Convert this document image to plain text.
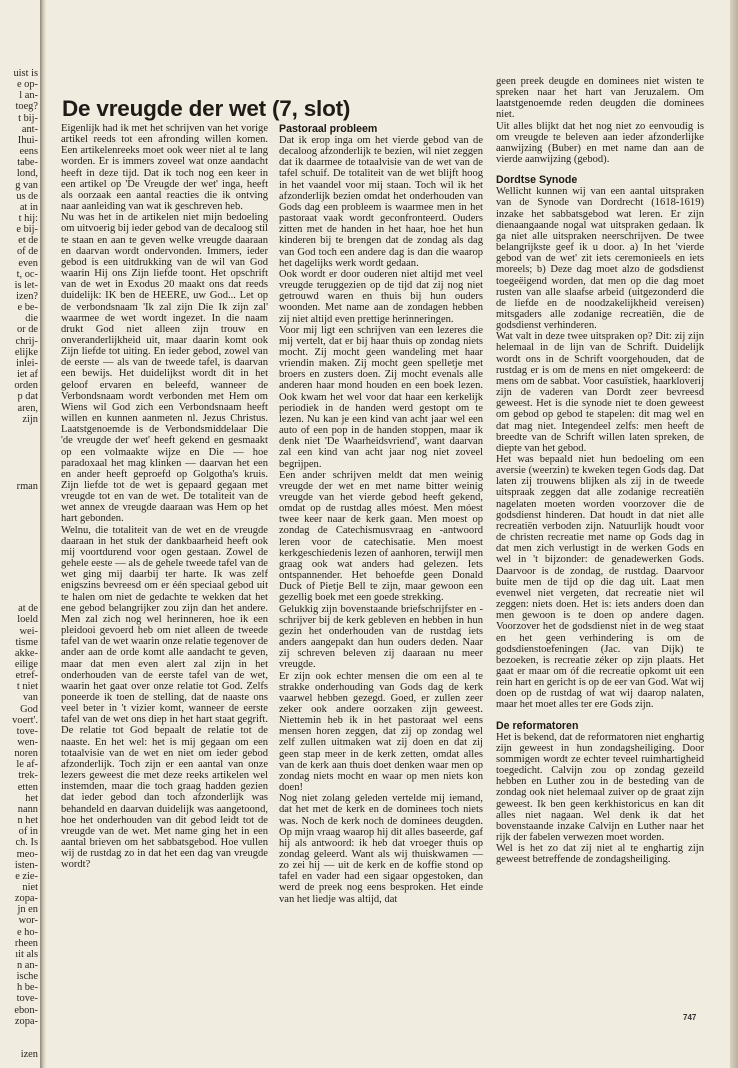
uist is
e op-
l an-
toeg?
t bij-
ant-
Ihui-
eens
tabe-
lond,
g van
us de
at in
t hij:
e bij-
et de
of de
even
t, oc-
is let-
izen?
e be-
die
or de
chrij-
elijke
inlei-
iet af
orden
p dat
aren,
zijn
rman
at de
loeld
wei-
tisme
akke-
eilige
etref-
t niet
van
God
voert'.
tove-
wen-
noren
le af-
trek-
etten
het
nann
n het
of in
ch. Is
meo-
isten-
e zie-
niet
zopa-
jn en
wor-
e ho-
rheen
ıit als
n an-
ische
h be-
tove-
ebon-
zopa-
izen
De vreugde der wet (7, slot)

Eigenlijk had ik met het schrijven van het vorige artikel reeds tot een afronding willen komen. Een artikelenreeks moet ook weer niet al te lang worden. Er is immers zoveel wat onze aandacht heeft in deze tijd. Dat ik toch nog een keer in een artikel op 'De Vreugde der wet' inga, heeft als oorzaak een aantal reacties die ik ontving naar aanleiding van wat ik geschreven heb.

Nu was het in de artikelen niet mijn bedoeling om uitvoerig bij ieder gebod van de decaloog stil te staan en aan te geven welke vreugde daaraan en daarvan wordt ondervonden. Immers, ieder gebod is een uitdrukking van de wil van God waarin Hij ons Zijn liefde toont. Het opschrift van de wet in Exodus 20 maakt ons dat reeds duidelijk: IK ben de HEERE, uw God... Let op de verbondsnaam 'Ik zal zijn Die Ik zijn zal' waarmee de wet wordt ingezet. In die naam drukt God niet alleen zijn trouw en onveranderlijkheid uit, maar daarin komt ook Zijn liefde tot uiting. En ieder gebod, zowel van de eerste — als van de tweede tafel, is daarvan een bewijs. Het duidelijkst wordt dit in het geloof ervaren en beleefd, wanneer de Verbondsnaam wordt verbonden met Hem om Wiens wil God zich een Verbondsnaam heeft willen en kunnen aanmeten nl. Jezus Christus. Laatstgenoemde is de Verbondsmiddelaar Die 'de vreugde der wet' heeft gekend en gesmaakt op een volmaakte wijze en Die — hoe paradoxaal het mag klinken — daarvan het een en ander heeft geproefd op Golgotha's kruis. Zijn liefde tot de wet is gepaard gegaan met vreugde tot en van de wet. De totaliteit van de wet annex de vreugde daaraan was Hem op het hart gebonden.

Welnu, die totaliteit van de wet en de vreugde daaraan in het stuk der dankbaarheid heeft ook mij voortdurend voor ogen gestaan. Zowel de gehele eeste — als de gehele tweede tafel van de wet ging mij daarbij ter harte. Ik was zelf enigszins bevreesd om er één speciaal gebod uit te halen om niet de gedachte te wekken dat het ene gebod belangrijker zou zijn dan het andere. Men zal zich nog wel herinneren, hoe ik een pleidooi gevoerd heb om niet alleen de tweede tafel van de wet waarin onze relatie tegenover de ander aan de orde komt alle aandacht te geven, maar dat men even alert zal zijn in het onderhouden van de eerste tafel van de wet, waarin het gaat over onze relatie tot God. Zelfs poneerde ik toen de stelling, dat de naaste ons veel beter in 't vizier komt, wanneer de eerste tafel van de wet ons diep in het hart staat gegrift. De relatie tot God bepaalt de relatie tot de naaste. En het wel: het is mij gegaan om een totaalvisie van de wet en niet om ieder gebod afzonderlijk. Toch zijn er een aantal van onze lezers geweest die met deze reeks artikelen wel instemden, maar die toch graag hadden gezien dat ieder gebod dan toch afzonderlijk was behandeld en daarvan duidelijk was aangetoond, hoe het onderhouden van dit gebod leidt tot de vreugde van de wet. Met name ging het in een aantal brieven om het sabbatsgebod. Hoe vullen wij de rustdag zo in dat het een dag van vreugde wordt?

Pastoraal probleem

Dat ik erop inga om het vierde gebod van de decaloog afzonderlijk te bezien, wil niet zeggen dat ik daarmee de totaalvisie van de wet van de tafel schuif. De totaliteit van de wet blijft hoog in het vaandel voor mij staan. Toch wil ik het afzonderlijk bezien omdat het onderhouden van Gods dag een probleem is waarmee men in het pastoraat vaak wordt geconfronteerd. Ouders zitten met de handen in het haar, hoe het hun kinderen bij te brengen dat de zondag als dag van God toch een andere dag is dan die waarop het dagelijks werk wordt gedaan.

Ook wordt er door ouderen niet altijd met veel vreugde teruggezien op de tijd dat zij nog niet getrouwd waren en thuis bij hun ouders woonden. Met name aan de zondagen hebben zij niet altijd even prettige herinneringen.

Voor mij ligt een schrijven van een lezeres die mij vertelt, dat er bij haar thuis op zondag niets mocht. Zij mocht geen wandeling met haar vriendin maken. Zij mocht geen spelletje met broers en zusters doen. Zij mocht evenals alle anderen haar mond houden en een boek lezen. Ook kwam het wel voor dat haar een kerkelijk periodiek in de handen werd gestopt om te lezen. Nu kan je een kind van acht jaar wel een auto of een pop in de handen stoppen, maar ik denk niet 'De Waarheidsvriend', want daarvan zal een kind van acht jaar nog niet zoveel begrijpen.

Een ander schrijven meldt dat men weinig vreugde der wet en met name bitter weinig vreugde van het vierde gebod heeft gekend, omdat op de rustdag alles móest. Men móest twee keer naar de kerk gaan. Men moest op zondag de Catechismusvraag en -antwoord leren voor de catechisatie. Men moest kerkgeschiedenis lezen of aanhoren, terwijl men graag ook wat anders had gelezen. Iets ontspannender. Het behoefde geen Donald Duck of Pietje Bell te zijn, maar gewoon een gezellig boek met een goede strekking.

Gelukkig zijn bovenstaande briefschrijfster en -schrijver bij de kerk gebleven en hebben in hun gezin het onderhouden van de rustdag iets anders aangepakt dan hun ouders deden. Naar zij schreven beleven zij daaraan nu meer vreugde.

Er zijn ook echter mensen die om een al te strakke onderhouding van Gods dag de kerk vaarwel hebben gezegd. Goed, er zullen zeer zeker ook andere oorzaken zijn geweest. Niettemin heb ik in het pastoraat wel eens mensen horen zeggen, dat zij op zondag wel zelf zullen uitmaken wat zij doen en dat zij geen stap meer in de kerk zetten, omdat alles van de kerk aan thuis doet denken waar men op zondag niets mocht en waar op men niets kon doen!

Nog niet zolang geleden vertelde mij iemand, dat het met de kerk en de dominees toch niets was. Noch de kerk noch de dominees deugden. Op mijn vraag waarop hij dit alles baseerde, gaf hij als antwoord: ik heb dat vroeger thuis op zondag geleerd. Want als wij thuiskwamen — zo zei hij — uit de kerk en de koffie stond op tafel en vader had een sigaar opgestoken, dan werd de preek nog eens besproken. Het einde van het liedje was altijd, dat

geen preek deugde en dominees niet wisten te spreken naar het hart van Jeruzalem. Om laatstgenoemde reden deugden die dominees niet.

Uit alles blijkt dat het nog niet zo eenvoudig is om vreugde te beleven aan ieder afzonderlijke aanwijzing (Buber) en met name dan aan de vierde aanwijzing (gebod).

Dordtse Synode

Wellicht kunnen wij van een aantal uitspraken van de Synode van Dordrecht (1618-1619) inzake het sabbatsgebod wat leren. Er zijn dienaangaande nogal wat uitspraken gedaan. Ik ga niet alle uitspraken neerschrijven. De twee belangrijkste geef ik u door. a) In het 'vierde gebod van de wet' zit iets ceremonieels en iets moreels; b) Deze dag moet alzo de godsdienst toegeëigend worden, dat men op die dag moet rusten van alle slaafse arbeid (uitgezonderd die de liefde en de noodzakelijkheid vereisen) mitsgaders alle zodanige recreatiën, die de godsdienst verhinderen.

Wat valt in deze twee uitspraken op? Dit: zij zijn helemaal in de lijn van de Schrift. Duidelijk wordt ons in de Schrift voorgehouden, dat de rustdag er is om de mens en niet omgekeerd: de mens om de sabbat. Voor casuïstiek, haarkloverij zijn de vaderen van Dordt zeer bevreesd geweest. Het is die synode niet te doen geweest om gebod op gebod te stapelen: dit mag wel en dat mag niet. Integendeel zelfs: men heeft de breedte van de Schrift willen laten spreken, de diepte van het gebod.

Het was bepaald niet hun bedoeling om een aversie (weerzin) te kweken tegen Gods dag. Dat laten zij trouwens blijken als zij in de tweede uitspraak zeggen dat alle zodanige recreatiën nagelaten moeten worden voorzover die de godsdienst hinderen. Dat houdt in dat niet alle recreatiën verboden zijn. Natuurlijk houdt voor de christen recreatie met name op Gods dag in dat men zich verlustigt in de werken Gods en wel in 't bijzonder: de genadewerken Gods. Daarvoor is de zondag, de rustdag. Daarvoor buite men de tijd op die dag uit. Laat men evenwel niet vergeten, dat recreatie niet wil zeggen: niets doen. Het is: iets anders doen dan men gewoon is te doen op andere dagen. Voorzover het de godsdienst niet in de weg staat en het geen verhindering is om de godsdienstoefeningen (Jac. van Dijk) te bezoeken, is recreatie zéker op zijn plaats. Het gaat er maar om óf die recreatie opkomt uit een rein hart en gericht is op de eer van God. Wat wij doen op de rustdag of wat wij daarop nalaten, maar het moet alles ter ere Gods zijn.

De reformatoren

Het is bekend, dat de reformatoren niet enghartig zijn geweest in hun zondagsheiliging. Door sommigen wordt ze echter teveel ruimhartigheid toegedicht. Calvijn zou op zondag gezeild hebben en Luther zou in de besteding van de zondag ook niet helemaal zuiver op de graat zijn geweest. Ik ben geen kerkhistoricus en kan dit alles niet nagaan. Wel denk ik dat het bovenstaande inzake Calvijn en Luther naar het rijk der fabelen verwezen moet worden.

Wel is het zo dat zij niet al te enghartig zijn geweest betreffende de zondagsheiliging.

747
